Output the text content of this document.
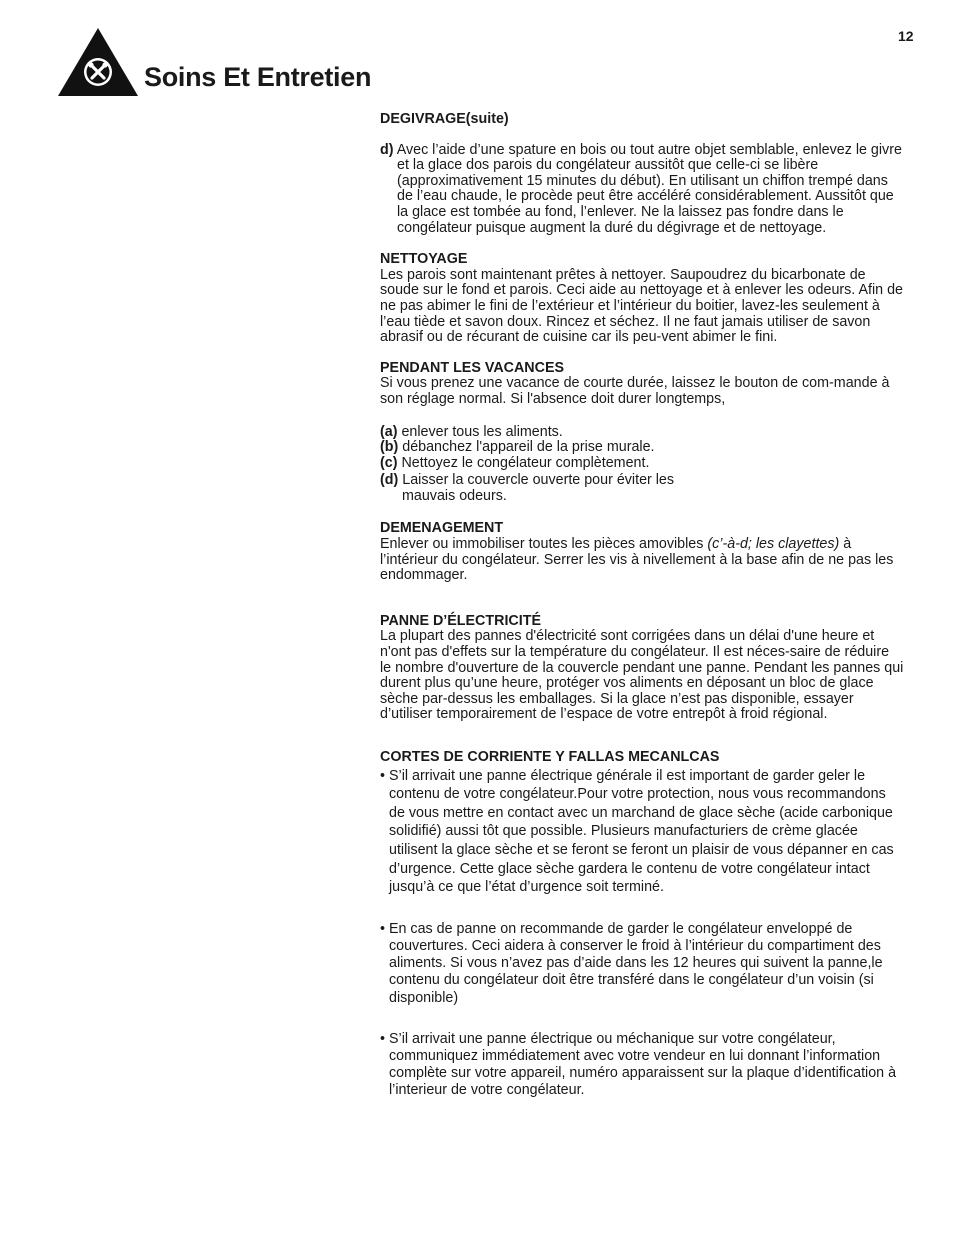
12
Soins Et Entretien

DEGIVRAGE(suite)

d) Avec l’aide d’une spature en bois ou tout autre objet semblable, enlevez le givre et la glace dos parois du congélateur aussitôt que celle-ci se libère (approximativement 15 minutes du début). En utilisant un chiffon trempé dans de l’eau chaude, le procède peut être accéléré considérablement. Aussitôt que la glace est tombée au fond, l’enlever. Ne la laissez pas fondre dans le congélateur puisque augment la duré du dégivrage et de nettoyage.

NETTOYAGE

Les parois sont maintenant prêtes à nettoyer. Saupoudrez du bicarbonate de soude sur le fond et parois. Ceci aide au nettoyage et à enlever les odeurs. Afin de ne pas abimer le fini de l’extérieur et l’intérieur du boitier, lavez-les seulement à l’eau tiède et savon doux. Rincez et séchez. Il ne faut jamais utiliser de savon abrasif ou de récurant de cuisine car ils peu-vent abimer le fini.

PENDANT LES VACANCES

Si vous prenez une vacance de courte durée, laissez le bouton de com-mande à son réglage normal. Si l'absence doit durer longtemps,

(a) enlever tous les aliments.

(b) débanchez l'appareil de la prise murale.

(c) Nettoyez le congélateur complètement.

(d) Laisser la couvercle ouverte pour éviter les

mauvais odeurs.

DEMENAGEMENT

Enlever ou immobiliser toutes les pièces amovibles (c’-à-d; les clayettes) à l’intérieur du congélateur. Serrer les vis à nivellement à la base afin de ne pas les endommager.

PANNE D’ÉLECTRICITÉ

La plupart des pannes d'électricité sont corrigées dans un délai d'une heure et n'ont pas d'effets sur la température du congélateur. Il est néces-saire de réduire le nombre d'ouverture de la couvercle pendant une panne. Pendant les pannes qui durent plus qu’une heure, protéger vos aliments en déposant un bloc de glace sèche par-dessus les emballages. Si la glace n’est pas disponible, essayer d’utiliser temporairement de l’espace de votre entrepôt à froid régional.

CORTES DE CORRIENTE Y FALLAS MECANLCAS

• S’il arrivait une panne électrique générale il est important de garder geler le contenu de votre congélateur.Pour votre protection, nous vous recommandons de vous mettre en contact avec un marchand de glace sèche (acide carbonique solidifié) aussi tôt que possible. Plusieurs manufacturiers de crème glacée utilisent la glace sèche et se feront se feront un plaisir de vous dépanner en cas d’urgence. Cette glace sèche gardera le contenu de votre congélateur intact jusqu’à ce que l’état d’urgence soit terminé.

• En cas de panne on recommande de garder le congélateur enveloppé de couvertures. Ceci aidera à conserver le froid à l’intérieur du compartiment des aliments. Si vous n’avez pas d’aide dans les 12 heures qui suivent la panne,le contenu du congélateur doit être transféré dans le congélateur d’un voisin (si disponible)

• S’il arrivait une panne électrique ou méchanique sur votre congélateur, communiquez immédiatement avec votre vendeur en lui donnant l’information complète sur votre appareil, numéro apparaissent sur la plaque d’identification à l’interieur de votre congélateur.
